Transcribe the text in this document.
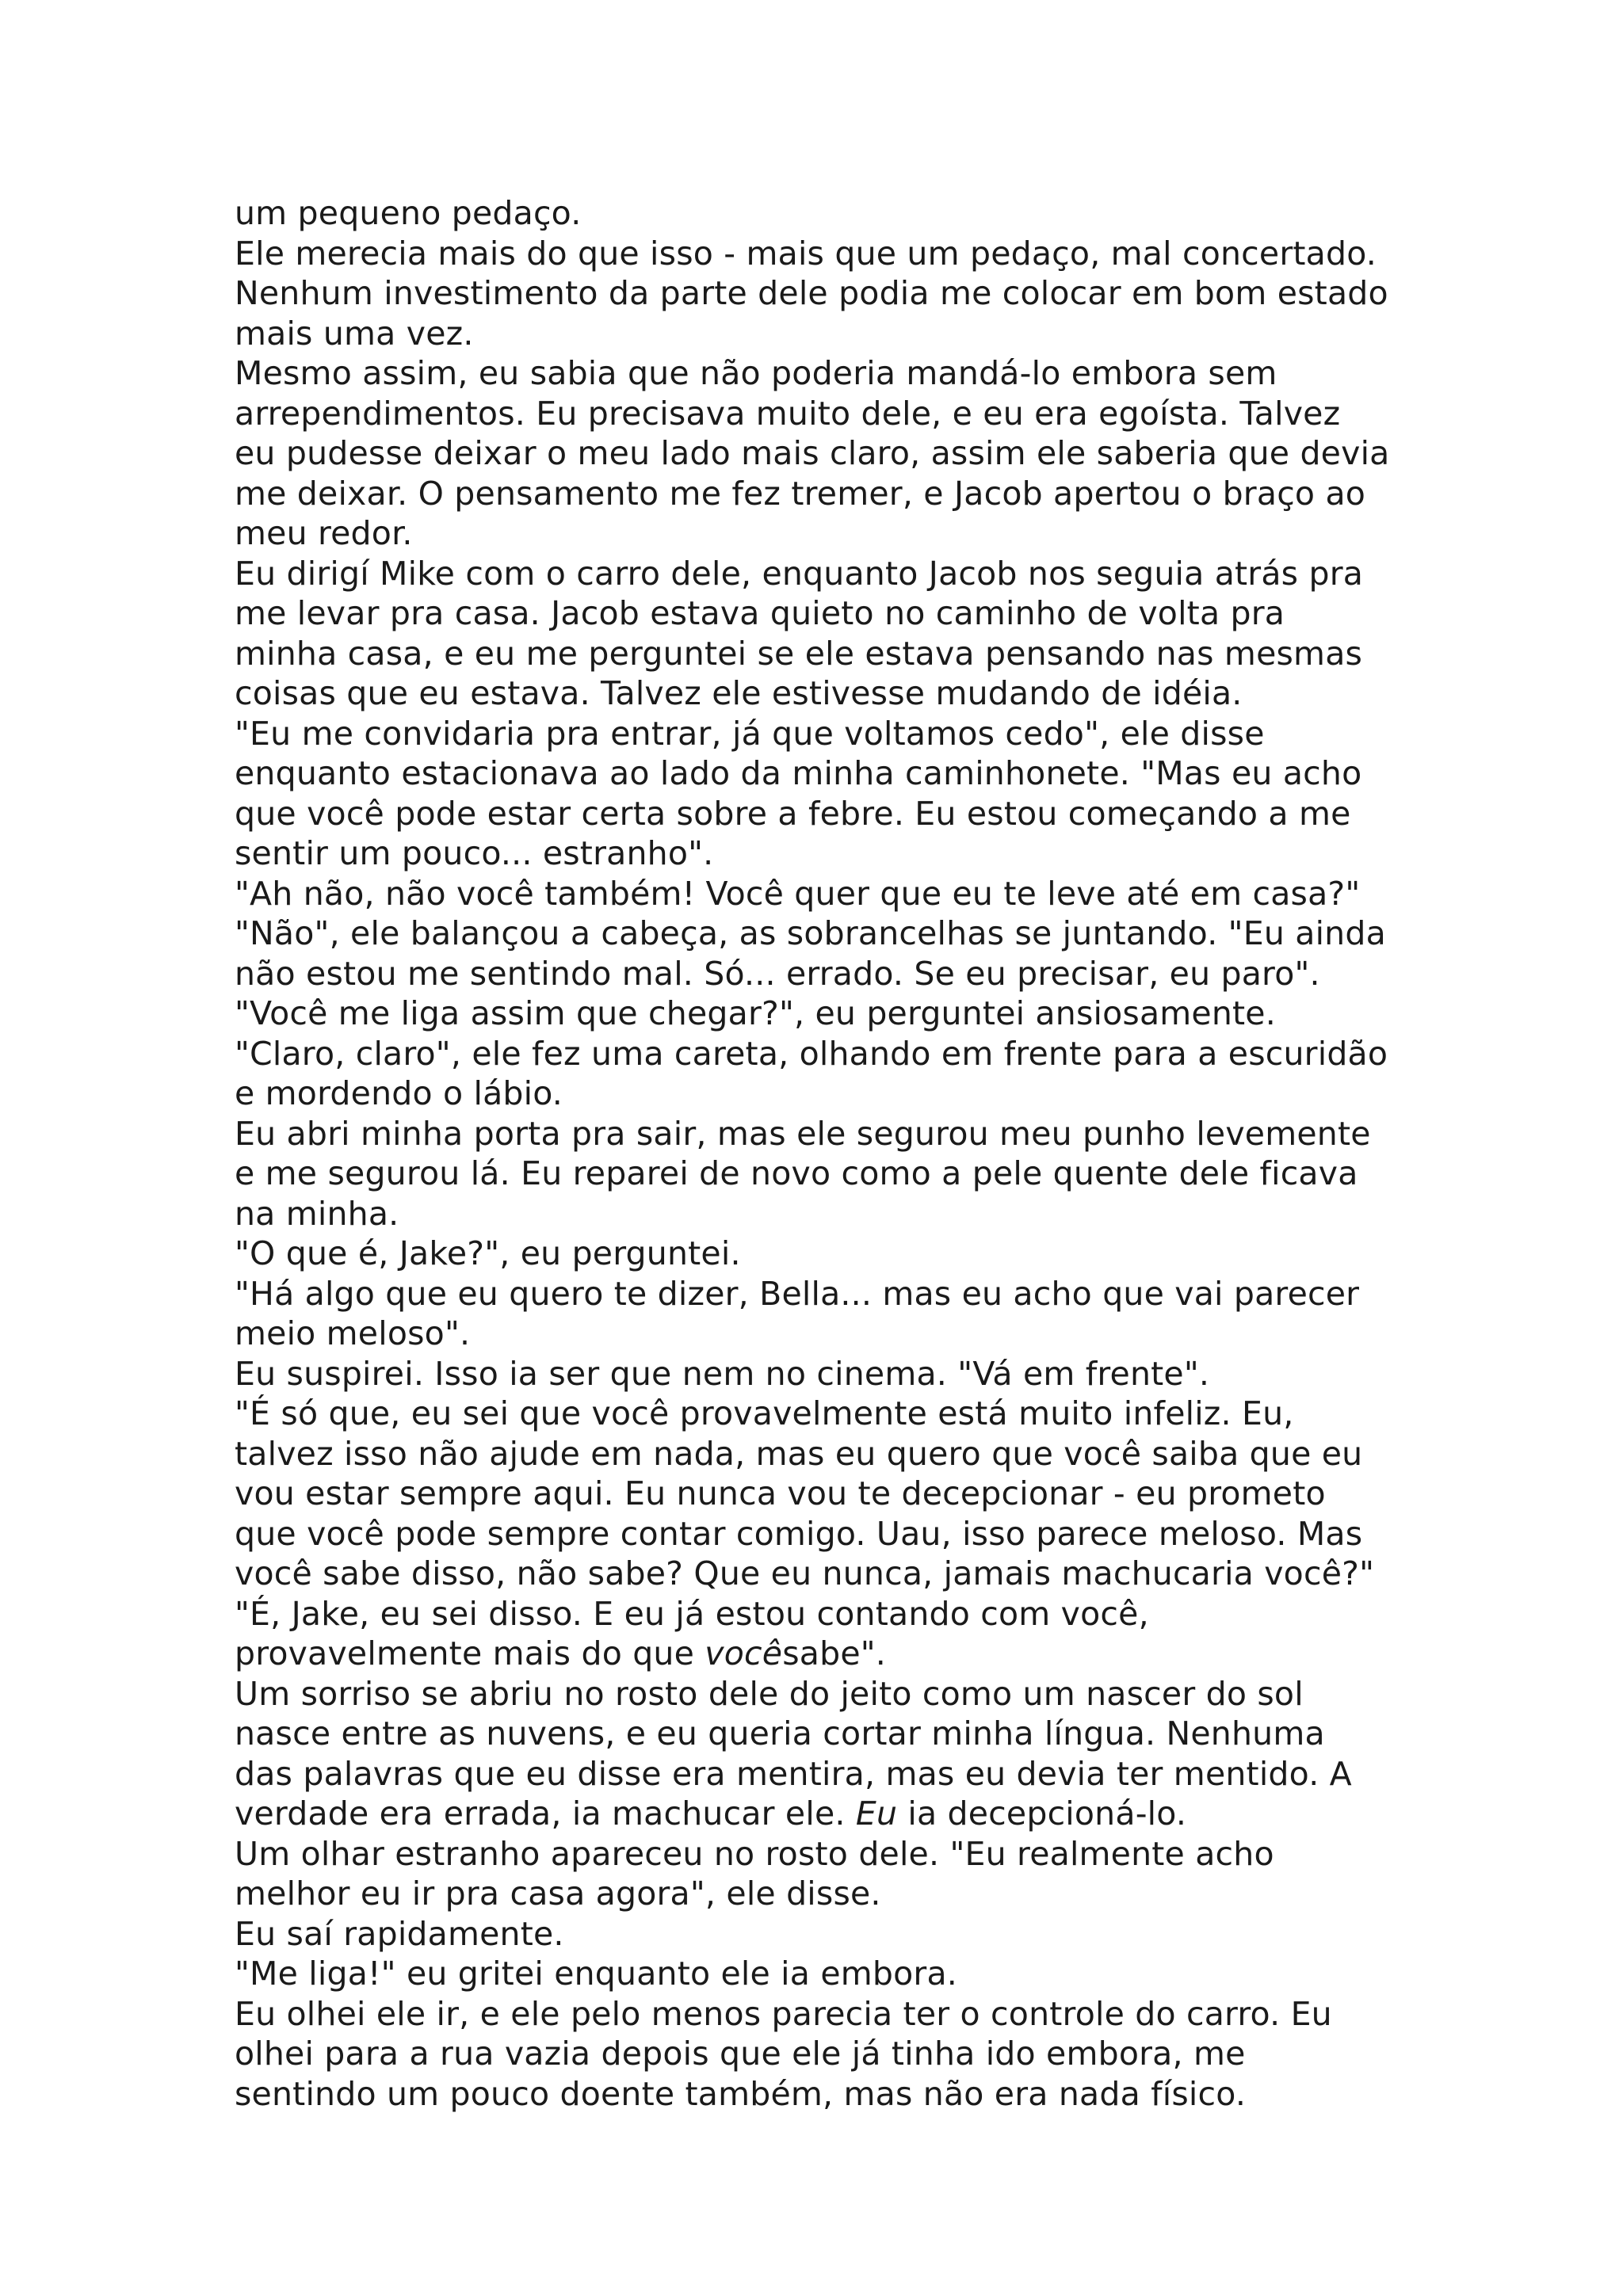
um pequeno pedaço.
Ele merecia mais do que isso - mais que um pedaço, mal concertado.
Nenhum investimento da parte dele podia me colocar em bom estado
mais uma vez.
Mesmo assim, eu sabia que não poderia mandá-lo embora sem
arrependimentos. Eu precisava muito dele, e eu era egoísta. Talvez
eu pudesse deixar o meu lado mais claro, assim ele saberia que devia
me deixar. O pensamento me fez tremer, e Jacob apertou o braço ao
meu redor.
Eu dirigí Mike com o carro dele, enquanto Jacob nos seguia atrás pra
me levar pra casa. Jacob estava quieto no caminho de volta pra
minha casa, e eu me perguntei se ele estava pensando nas mesmas
coisas que eu estava. Talvez ele estivesse mudando de idéia.
"Eu me convidaria pra entrar, já que voltamos cedo", ele disse
enquanto estacionava ao lado da minha caminhonete. "Mas eu acho
que você pode estar certa sobre a febre. Eu estou começando a me
sentir um pouco... estranho".
"Ah não, não você também! Você quer que eu te leve até em casa?"
"Não", ele balançou a cabeça, as sobrancelhas se juntando. "Eu ainda
não estou me sentindo mal. Só... errado. Se eu precisar, eu paro".
"Você me liga assim que chegar?", eu perguntei ansiosamente.
"Claro, claro", ele fez uma careta, olhando em frente para a escuridão
e mordendo o lábio.
Eu abri minha porta pra sair, mas ele segurou meu punho levemente
e me segurou lá. Eu reparei de novo como a pele quente dele ficava
na minha.
"O que é, Jake?", eu perguntei.
"Há algo que eu quero te dizer, Bella... mas eu acho que vai parecer
meio meloso".
Eu suspirei. Isso ia ser que nem no cinema. "Vá em frente".
"É só que, eu sei que você provavelmente está muito infeliz. Eu,
talvez isso não ajude em nada, mas eu quero que você saiba que eu
vou estar sempre aqui. Eu nunca vou te decepcionar - eu prometo
que você pode sempre contar comigo. Uau, isso parece meloso. Mas
você sabe disso, não sabe? Que eu nunca, jamais machucaria você?"
"É, Jake, eu sei disso. E eu já estou contando com você,
provavelmente mais do que vocêsabe".
Um sorriso se abriu no rosto dele do jeito como um nascer do sol
nasce entre as nuvens, e eu queria cortar minha língua. Nenhuma
das palavras que eu disse era mentira, mas eu devia ter mentido. A
verdade era errada, ia machucar ele. Eu ia decepcioná-lo.
Um olhar estranho apareceu no rosto dele. "Eu realmente acho
melhor eu ir pra casa agora", ele disse.
Eu saí rapidamente.
"Me liga!" eu gritei enquanto ele ia embora.
Eu olhei ele ir, e ele pelo menos parecia ter o controle do carro. Eu
olhei para a rua vazia depois que ele já tinha ido embora, me
sentindo um pouco doente também, mas não era nada físico.
